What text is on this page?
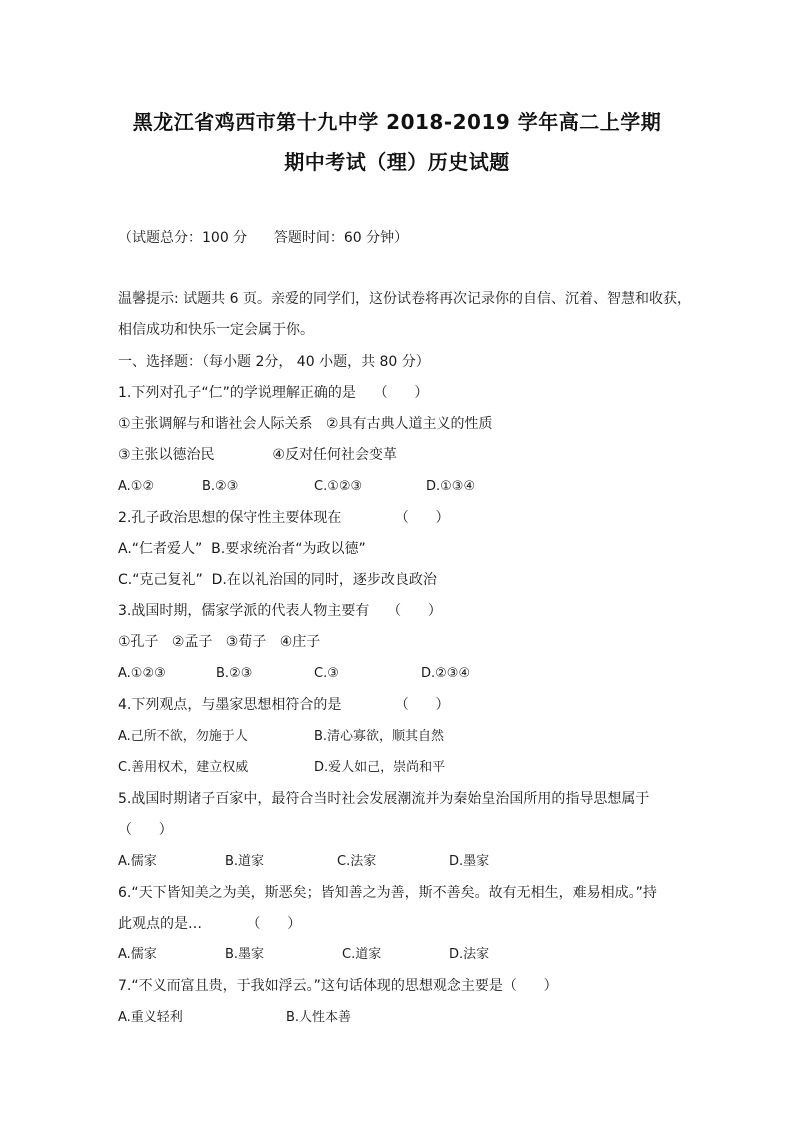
黑龙江省鸡西市第十九中学 2018-2019 学年高二上学期
期中考试（理）历史试题
（试题总分：100 分      答题时间：60 分钟）
温馨提示: 试题共 6 页。亲爱的同学们，这份试卷将再次记录你的自信、沉着、智慧和收获，
相信成功和快乐一定会属于你。
一、选择题：（每小题 2分， 40 小题，共 80 分）
1.下列对孔子“仁”的学说理解正确的是    （      ）
①主张调解与和谐社会人际关系   ②具有古典人道主义的性质
③主张以德治民             ④反对任何社会变革
A.①②	B.②③	C.①②③	D.①③④
2.孔子政治思想的保守性主要体现在            （      ）
A.“仁者爱人”  B.要求统治者“为政以德”
C.“克己复礼”  D.在以礼治国的同时，逐步改良政治
3.战国时期，儒家学派的代表人物主要有    （      ）
①孔子   ②孟子   ③荀子   ④庄子
A.①②③	B.②③	C.③	D.②③④
4.下列观点，与墨家思想相符合的是            （      ）
A.己所不欲，勿施于人	B.清心寡欲，顺其自然
C.善用权术，建立权威	D.爱人如己，崇尚和平
5.战国时期诸子百家中，最符合当时社会发展潮流并为秦始皇治国所用的指导思想属于
（      ）
A.儒家	B.道家	C.法家	D.墨家
6.“天下皆知美之为美，斯恶矣；皆知善之为善，斯不善矣。故有无相生，难易相成。”持
此观点的是…          （      ）
A.儒家	B.墨家	C.道家	D.法家
7.“不义而富且贵，于我如浮云。”这句话体现的思想观念主要是（      ）
A.重义轻利	B.人性本善
